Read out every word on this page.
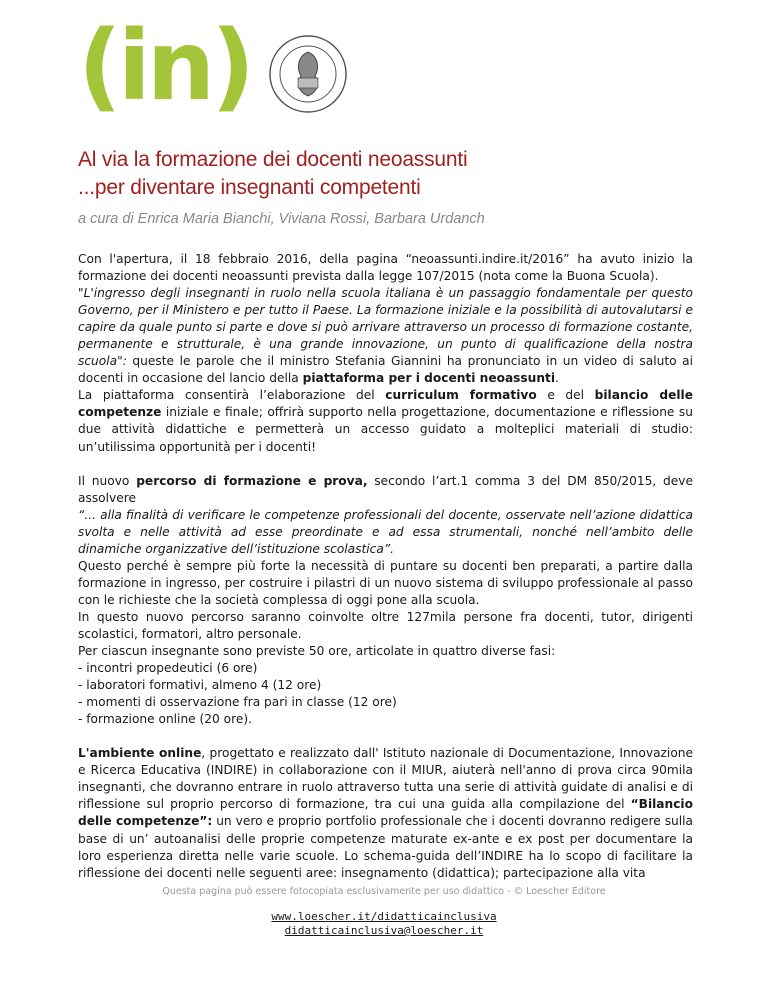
(in)
Al via la formazione dei docenti neoassunti
...per diventare insegnanti competenti
a cura di Enrica Maria Bianchi, Viviana Rossi, Barbara Urdanch

Con l'apertura, il 18 febbraio 2016, della pagina “neoassunti.indire.it/2016” ha avuto inizio la formazione dei docenti neoassunti prevista dalla legge 107/2015 (nota come la Buona Scuola).
"L'ingresso degli insegnanti in ruolo nella scuola italiana è un passaggio fondamentale per questo Governo, per il Ministero e per tutto il Paese. La formazione iniziale e la possibilità di autovalutarsi e capire da quale punto si parte e dove si può arrivare attraverso un processo di formazione costante, permanente e strutturale, è una grande innovazione, un punto di qualificazione della nostra scuola": queste le parole che il ministro Stefania Giannini ha pronunciato in un video di saluto ai docenti in occasione del lancio della piattaforma per i docenti neoassunti.
La piattaforma consentirà l’elaborazione del curriculum formativo e del bilancio delle competenze iniziale e finale; offrirà supporto nella progettazione, documentazione e riflessione su due attività didattiche e permetterà un accesso guidato a molteplici materiali di studio: un’utilissima opportunità per i docenti!

Il nuovo percorso di formazione e prova, secondo l’art.1 comma 3 del DM 850/2015, deve assolvere
“... alla finalità di verificare le competenze professionali del docente, osservate nell’azione didattica svolta e nelle attività ad esse preordinate e ad essa strumentali, nonché nell’ambito delle dinamiche organizzative dell’istituzione scolastica”.
Questo perché è sempre più forte la necessità di puntare su docenti ben preparati, a partire dalla formazione in ingresso, per costruire i pilastri di un nuovo sistema di sviluppo professionale al passo con le richieste che la società complessa di oggi pone alla scuola.
In questo nuovo percorso saranno coinvolte oltre 127mila persone fra docenti, tutor, dirigenti scolastici, formatori, altro personale.
Per ciascun insegnante sono previste 50 ore, articolate in quattro diverse fasi:
- incontri propedeutici (6 ore)
- laboratori formativi, almeno 4 (12 ore)
- momenti di osservazione fra pari in classe (12 ore)
- formazione online (20 ore).

L'ambiente online, progettato e realizzato dall' Istituto nazionale di Documentazione, Innovazione e Ricerca Educativa (INDIRE) in collaborazione con il MIUR, aiuterà nell'anno di prova circa 90mila insegnanti, che dovranno entrare in ruolo attraverso tutta una serie di attività guidate di analisi e di riflessione sul proprio percorso di formazione, tra cui una guida alla compilazione del “Bilancio delle competenze”: un vero e proprio portfolio professionale che i docenti dovranno redigere sulla base di un’ autoanalisi delle proprie competenze maturate ex-ante e ex post per documentare la loro esperienza diretta nelle varie scuole. Lo schema-guida dell’INDIRE ha lo scopo di facilitare la riflessione dei docenti nelle seguenti aree: insegnamento (didattica); partecipazione alla vita

Questa pagina può essere fotocopiata esclusivamente per uso didattico - © Loescher Editore
www.loescher.it/didatticainclusiva
didatticainclusiva@loescher.it
